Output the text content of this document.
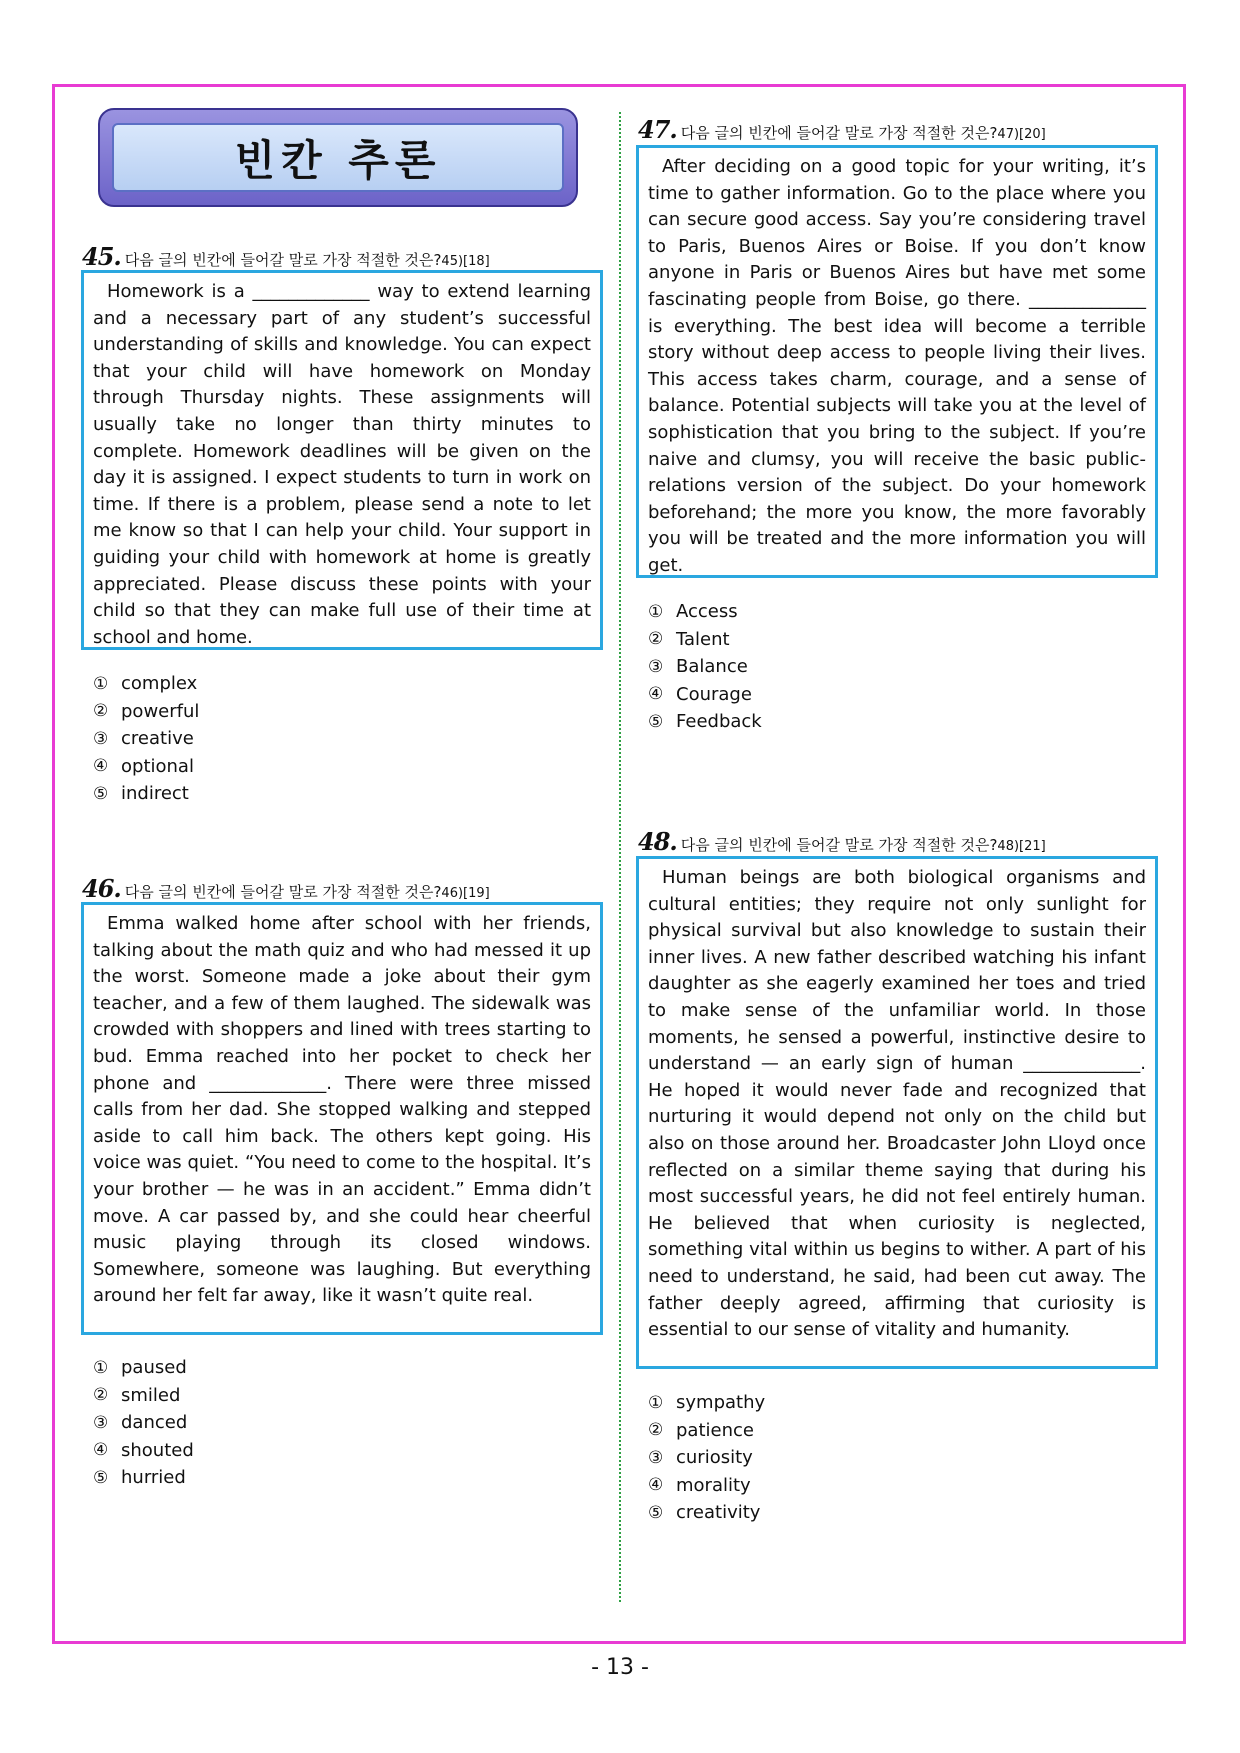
빈칸 추론
45. 다음 글의 빈칸에 들어갈 말로 가장 적절한 것은? 45)[18]

Homework is a _____________ way to extend learning and a necessary part of any student’s successful understanding of skills and knowledge. You can expect that your child will have homework on Monday through Thursday nights. These assignments will usually take no longer than thirty minutes to complete. Homework deadlines will be given on the day it is assigned. I expect students to turn in work on time. If there is a problem, please send a note to let me know so that I can help your child. Your support in guiding your child with homework at home is greatly appreciated. Please discuss these points with your child so that they can make full use of their time at school and home.

① complex
② powerful
③ creative
④ optional
⑤ indirect
46. 다음 글의 빈칸에 들어갈 말로 가장 적절한 것은? 46)[19]

Emma walked home after school with her friends, talking about the math quiz and who had messed it up the worst. Someone made a joke about their gym teacher, and a few of them laughed. The sidewalk was crowded with shoppers and lined with trees starting to bud. Emma reached into her pocket to check her phone and _____________. There were three missed calls from her dad. She stopped walking and stepped aside to call him back. The others kept going. His voice was quiet. “You need to come to the hospital. It’s your brother — he was in an accident.” Emma didn’t move. A car passed by, and she could hear cheerful music playing through its closed windows. Somewhere, someone was laughing. But everything around her felt far away, like it wasn’t quite real.

① paused
② smiled
③ danced
④ shouted
⑤ hurried
47. 다음 글의 빈칸에 들어갈 말로 가장 적절한 것은? 47)[20]

After deciding on a good topic for your writing, it’s time to gather information. Go to the place where you can secure good access. Say you’re considering travel to Paris, Buenos Aires or Boise. If you don’t know anyone in Paris or Buenos Aires but have met some fascinating people from Boise, go there. _____________ is everything. The best idea will become a terrible story without deep access to people living their lives. This access takes charm, courage, and a sense of balance. Potential subjects will take you at the level of sophistication that you bring to the subject. If you’re naive and clumsy, you will receive the basic public-relations version of the subject. Do your homework beforehand; the more you know, the more favorably you will be treated and the more information you will get.

① Access
② Talent
③ Balance
④ Courage
⑤ Feedback
48. 다음 글의 빈칸에 들어갈 말로 가장 적절한 것은? 48)[21]

Human beings are both biological organisms and cultural entities; they require not only sunlight for physical survival but also knowledge to sustain their inner lives. A new father described watching his infant daughter as she eagerly examined her toes and tried to make sense of the unfamiliar world. In those moments, he sensed a powerful, instinctive desire to understand — an early sign of human _____________. He hoped it would never fade and recognized that nurturing it would depend not only on the child but also on those around her. Broadcaster John Lloyd once reflected on a similar theme saying that during his most successful years, he did not feel entirely human. He believed that when curiosity is neglected, something vital within us begins to wither. A part of his need to understand, he said, had been cut away. The father deeply agreed, affirming that curiosity is essential to our sense of vitality and humanity.

① sympathy
② patience
③ curiosity
④ morality
⑤ creativity
- 13 -
